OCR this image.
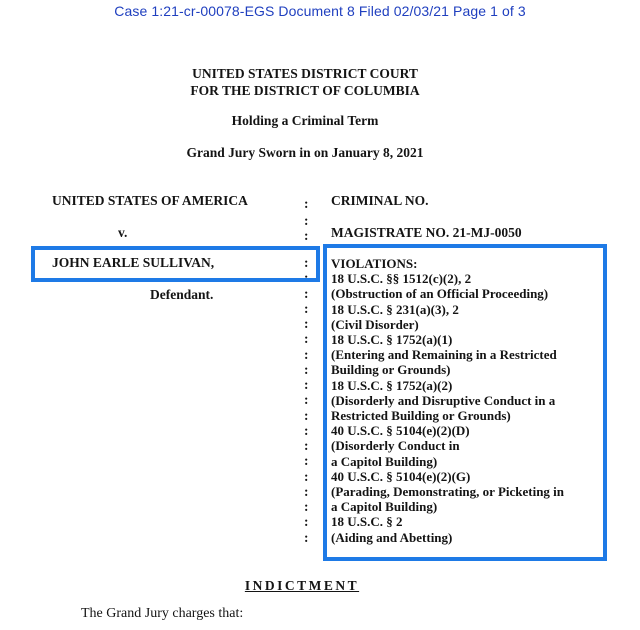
Case 1:21-cr-00078-EGS Document 8 Filed 02/03/21 Page 1 of 3
UNITED STATES DISTRICT COURT
FOR THE DISTRICT OF COLUMBIA
Holding a Criminal Term
Grand Jury Sworn in on January 8, 2021
UNITED STATES OF AMERICA
v.
JOHN EARLE SULLIVAN,
Defendant.
CRIMINAL NO.
MAGISTRATE NO. 21-MJ-0050
:
:
:
:
:
:
:
:
:
:
:
:
:
:
:
:
:
:
:
:
:
:
VIOLATIONS:
18 U.S.C. §§ 1512(c)(2), 2
(Obstruction of an Official Proceeding)
18 U.S.C. § 231(a)(3), 2
(Civil Disorder)
18 U.S.C. § 1752(a)(1)
(Entering and Remaining in a Restricted
Building or Grounds)
18 U.S.C. § 1752(a)(2)
(Disorderly and Disruptive Conduct in a
Restricted Building or Grounds)
40 U.S.C. § 5104(e)(2)(D)
(Disorderly Conduct in
a Capitol Building)
40 U.S.C. § 5104(e)(2)(G)
(Parading, Demonstrating, or Picketing in
a Capitol Building)
18 U.S.C. § 2
(Aiding and Abetting)
INDICTMENT
The Grand Jury charges that:
